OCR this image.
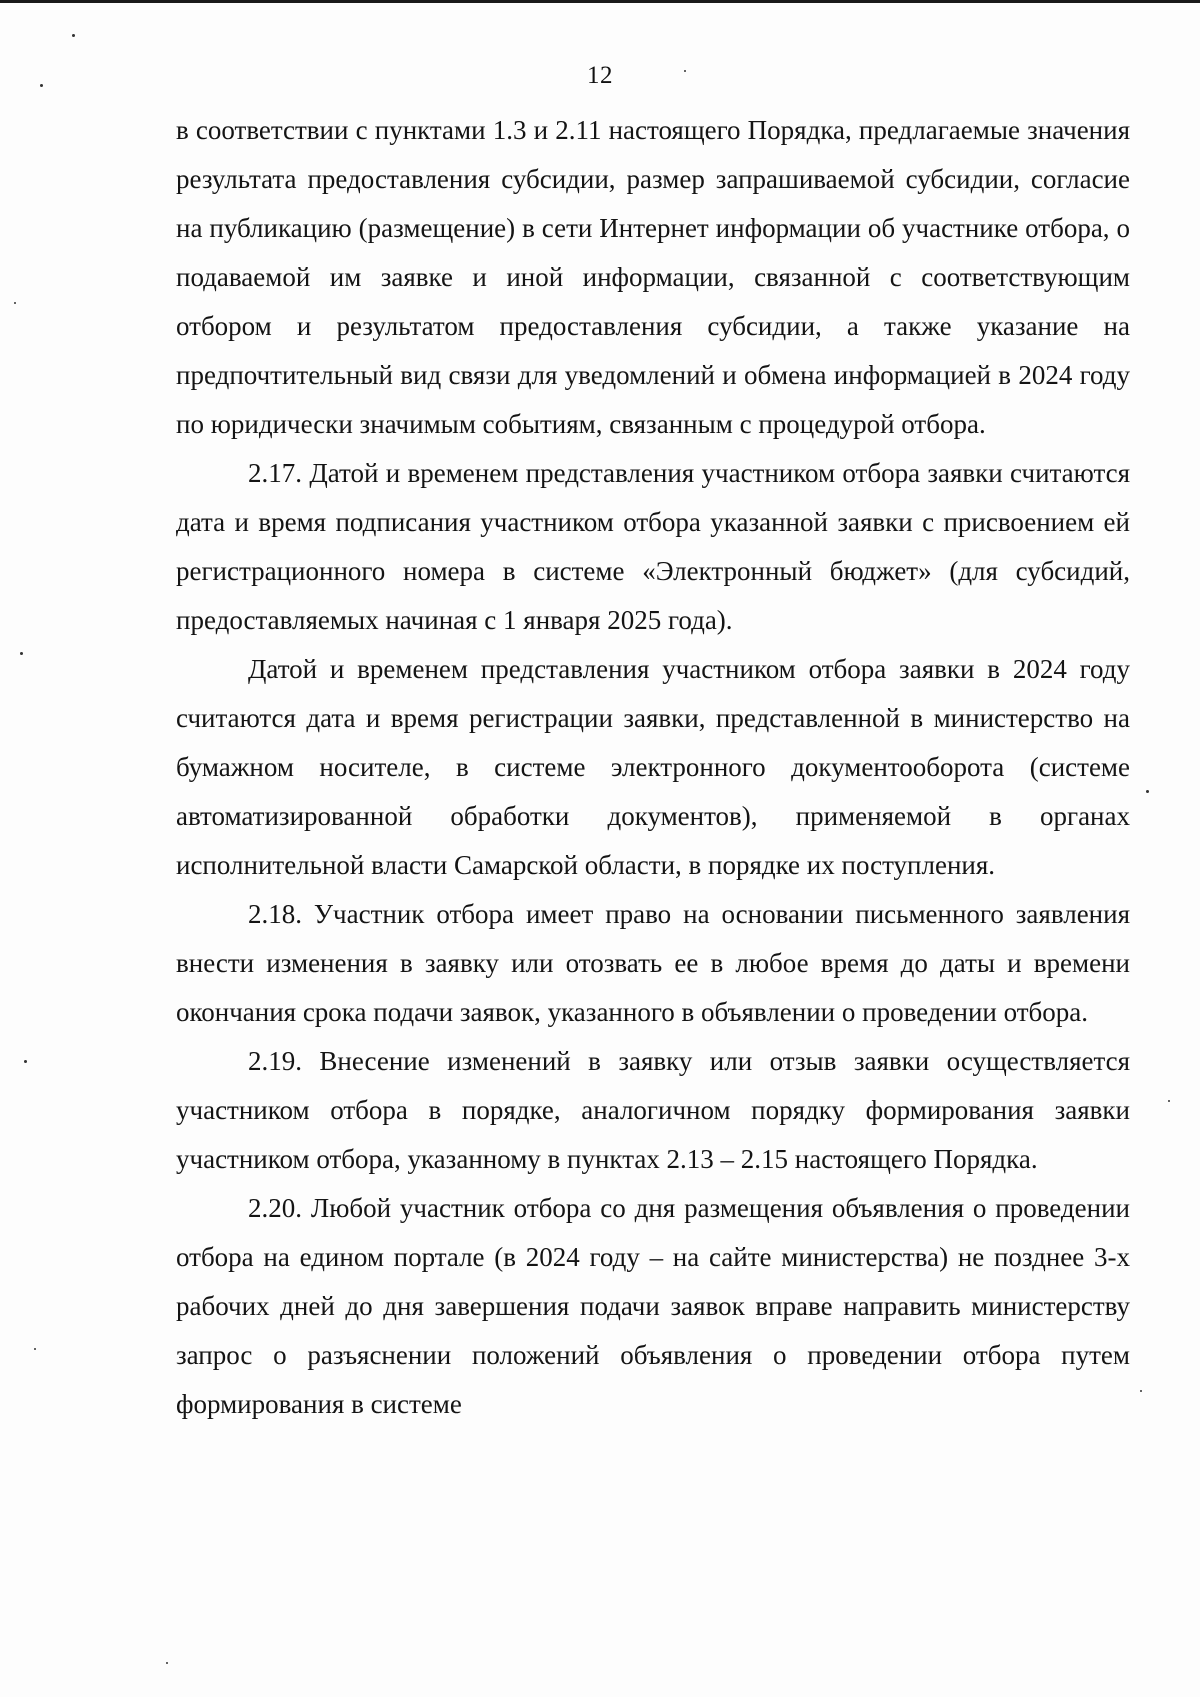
12

в соответствии с пунктами 1.3 и 2.11 настоящего Порядка, предлагаемые значения результата предоставления субсидии, размер запрашиваемой субсидии, согласие на публикацию (размещение) в сети Интернет информации об участнике отбора, о подаваемой им заявке и иной информации, связанной с соответствующим отбором и результатом предоставления субсидии, а также указание на предпочтительный вид связи для уведомлений и обмена информацией в 2024 году по юридически значимым событиям, связанным с процедурой отбора.

2.17. Датой и временем представления участником отбора заявки считаются дата и время подписания участником отбора указанной заявки с присвоением ей регистрационного номера в системе «Электронный бюджет» (для субсидий, предоставляемых начиная с 1 января 2025 года).

Датой и временем представления участником отбора заявки в 2024 году считаются дата и время регистрации заявки, представленной в министерство на бумажном носителе, в системе электронного документооборота (системе автоматизированной обработки документов), применяемой в органах исполнительной власти Самарской области, в порядке их поступления.

2.18. Участник отбора имеет право на основании письменного заявления внести изменения в заявку или отозвать ее в любое время до даты и времени окончания срока подачи заявок, указанного в объявлении о проведении отбора.

2.19. Внесение изменений в заявку или отзыв заявки осуществляется участником отбора в порядке, аналогичном порядку формирования заявки участником отбора, указанному в пунктах 2.13 – 2.15 настоящего Порядка.

2.20. Любой участник отбора со дня размещения объявления о проведении отбора на едином портале (в 2024 году – на сайте министерства) не позднее 3-х рабочих дней до дня завершения подачи заявок вправе направить министерству запрос о разъяснении положений объявления о проведении отбора путем формирования в системе
